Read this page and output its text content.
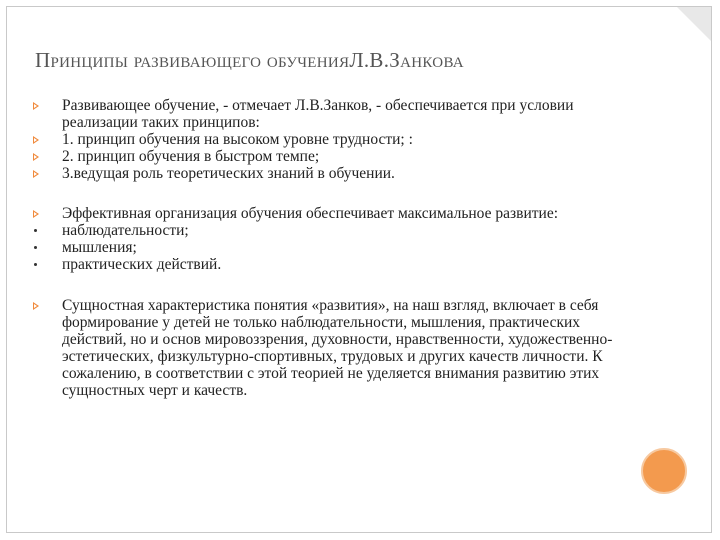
Принципы развивающего обученияЛ.В.Занкова
Развивающее обучение, - отмечает Л.В.Занков, - обеспечивается при условии реализации таких принципов:
1. принцип обучения на высоком уровне трудности; :
2. принцип обучения в быстром темпе;
3.ведущая роль теоретических знаний в обучении.
Эффективная организация обучения обеспечивает максимальное развитие:
наблюдательности;
мышления;
практических действий.
Сущностная характеристика понятия «развития», на наш взгляд, включает в себя формирование у детей не только наблюдательности, мышления, практических действий, но и основ мировоззрения, духовности, нравственности, художественно-эстетических, физкультурно-спортивных, трудовых и других качеств личности. К сожалению, в соответствии с этой теорией не уделяется внимания развитию этих сущностных черт и качеств.
